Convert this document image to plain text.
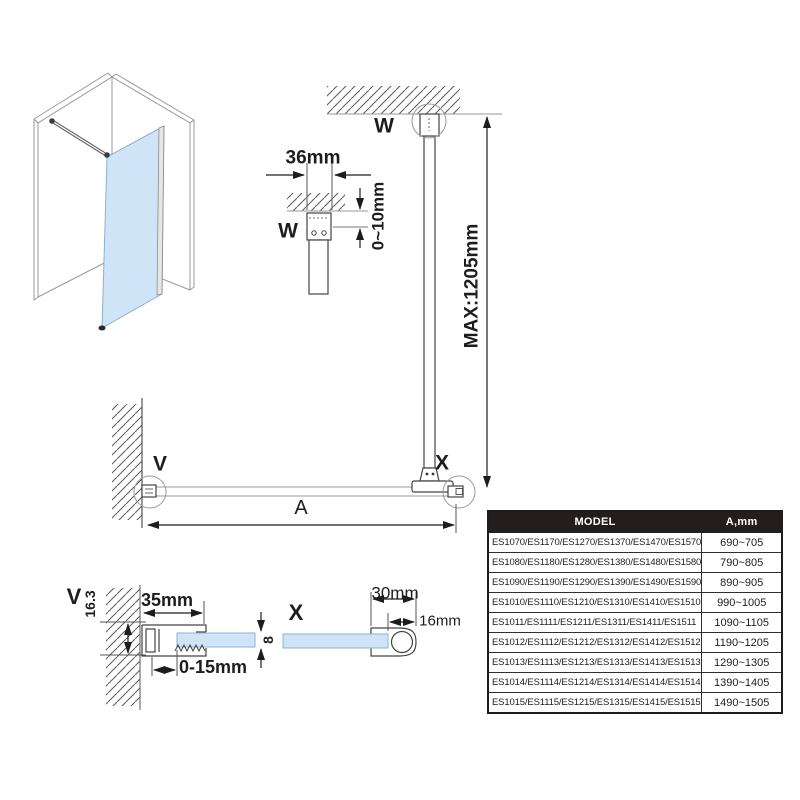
W
36mm
W	0~10mm
MAX:1205mm
V	X
A
V 16.3 35mm
0-15mm
8
X
30mm
16mm
MODEL	A,mm
ES1070/ES1170/ES1270/ES1370/ES1470/ES1570	690~705
ES1080/ES1180/ES1280/ES1380/ES1480/ES1580	790~805
ES1090/ES1190/ES1290/ES1390/ES1490/ES1590	890~905
ES1010/ES1110/ES1210/ES1310/ES1410/ES1510	990~1005
ES1011/ES1111/ES1211/ES1311/ES1411/ES1511	1090~1105
ES1012/ES1112/ES1212/ES1312/ES1412/ES1512	1190~1205
ES1013/ES1113/ES1213/ES1313/ES1413/ES1513	1290~1305
ES1014/ES1114/ES1214/ES1314/ES1414/ES1514	1390~1405
ES1015/ES1115/ES1215/ES1315/ES1415/ES1515	1490~1505
